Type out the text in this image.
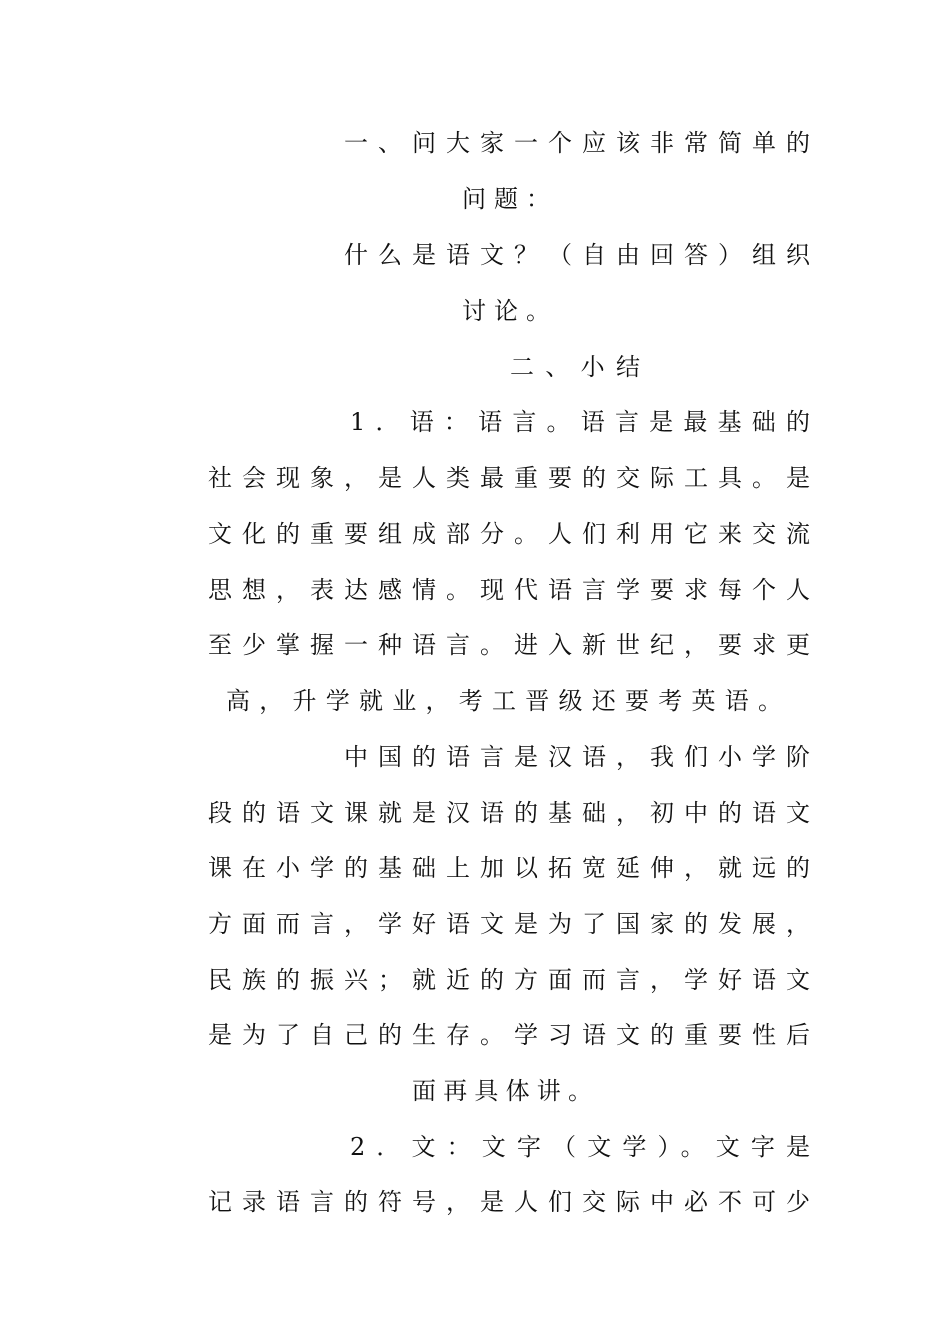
一、问大家一个应该非常简单的
问题：
什么是语文？（自由回答）组织
讨论。
二、小结
1．语：语言。语言是最基础的
社会现象，是人类最重要的交际工具。是
文化的重要组成部分。人们利用它来交流
思想，表达感情。现代语言学要求每个人
至少掌握一种语言。进入新世纪，要求更
高，升学就业，考工晋级还要考英语。
中国的语言是汉语，我们小学阶
段的语文课就是汉语的基础，初中的语文
课在小学的基础上加以拓宽延伸，就远的
方面而言，学好语文是为了国家的发展，
民族的振兴；就近的方面而言，学好语文
是为了自己的生存。学习语文的重要性后
面再具体讲。
2．文：文字（文学）。文字是
记录语言的符号，是人们交际中必不可少
